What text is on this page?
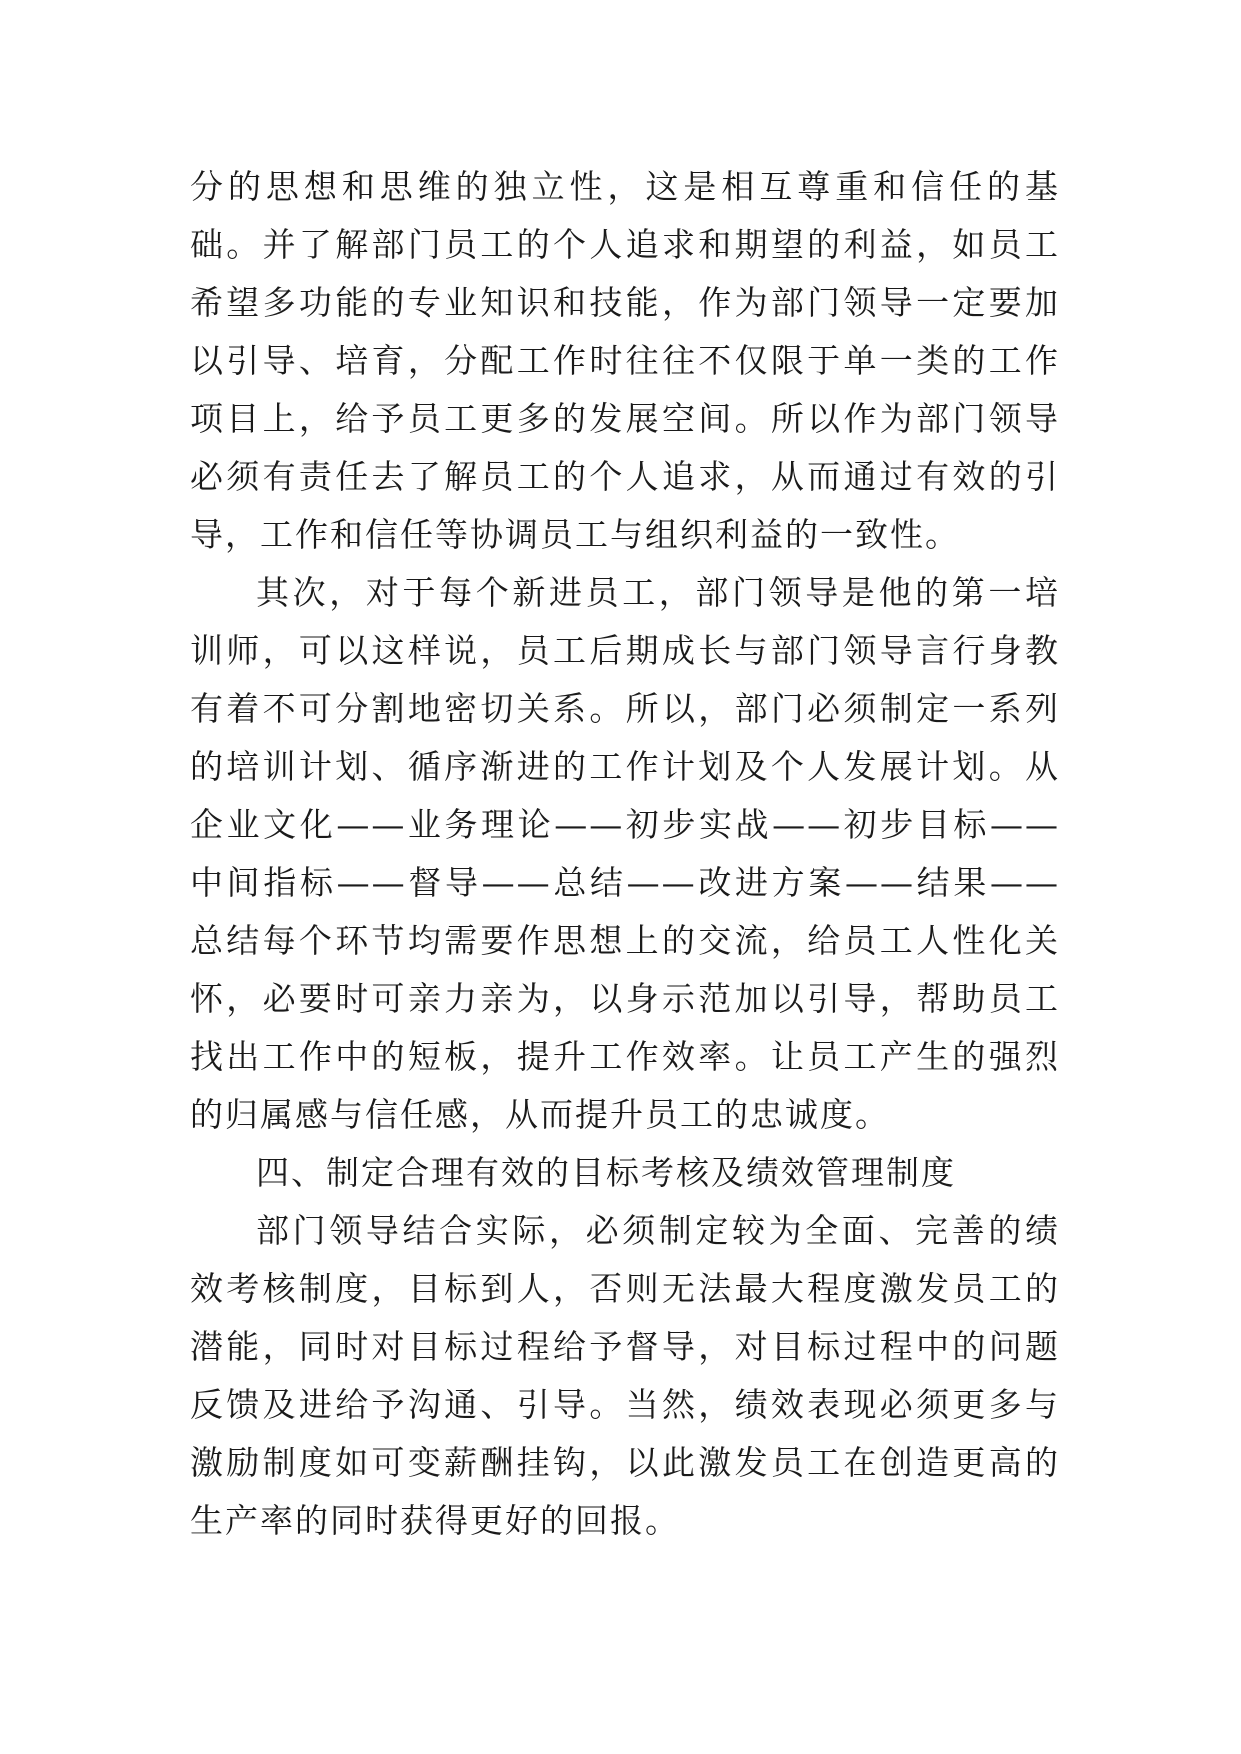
分的思想和思维的独立性，这是相互尊重和信任的基础。并了解部门员工的个人追求和期望的利益，如员工希望多功能的专业知识和技能，作为部门领导一定要加以引导、培育，分配工作时往往不仅限于单一类的工作项目上，给予员工更多的发展空间。所以作为部门领导必须有责任去了解员工的个人追求，从而通过有效的引导，工作和信任等协调员工与组织利益的一致性。

其次，对于每个新进员工，部门领导是他的第一培训师，可以这样说，员工后期成长与部门领导言行身教有着不可分割地密切关系。所以，部门必须制定一系列的培训计划、循序渐进的工作计划及个人发展计划。从企业文化——业务理论——初步实战——初步目标——中间指标——督导——总结——改进方案——结果——总结每个环节均需要作思想上的交流，给员工人性化关怀，必要时可亲力亲为，以身示范加以引导，帮助员工找出工作中的短板，提升工作效率。让员工产生的强烈的归属感与信任感，从而提升员工的忠诚度。

四、制定合理有效的目标考核及绩效管理制度

部门领导结合实际，必须制定较为全面、完善的绩效考核制度，目标到人，否则无法最大程度激发员工的潜能，同时对目标过程给予督导，对目标过程中的问题反馈及进给予沟通、引导。当然，绩效表现必须更多与激励制度如可变薪酬挂钩，以此激发员工在创造更高的生产率的同时获得更好的回报。
